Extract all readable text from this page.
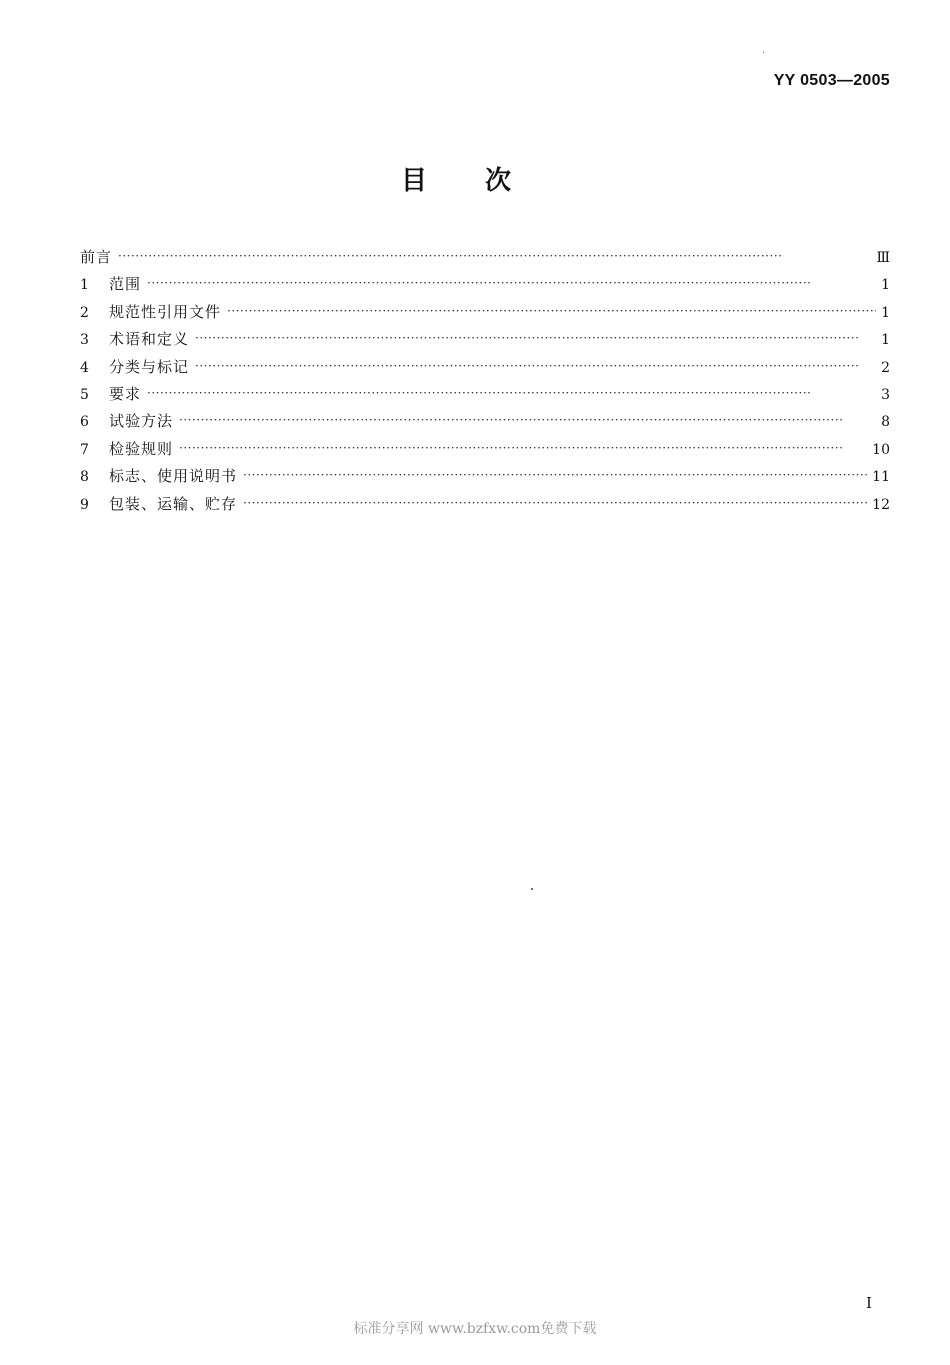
YY 0503—2005
目次
前言 ·····	Ⅲ
1	范围 ·····	1
2	规范性引用文件 ·····	1
3	术语和定义 ·····	1
4	分类与标记 ·····	2
5	要求 ·····	3
6	试验方法 ·····	8
7	检验规则 ·····	10
8	标志、使用说明书 ·····	11
9	包装、运输、贮存 ·····	12
I
标准分享网 www.bzfxw.com免费下载
